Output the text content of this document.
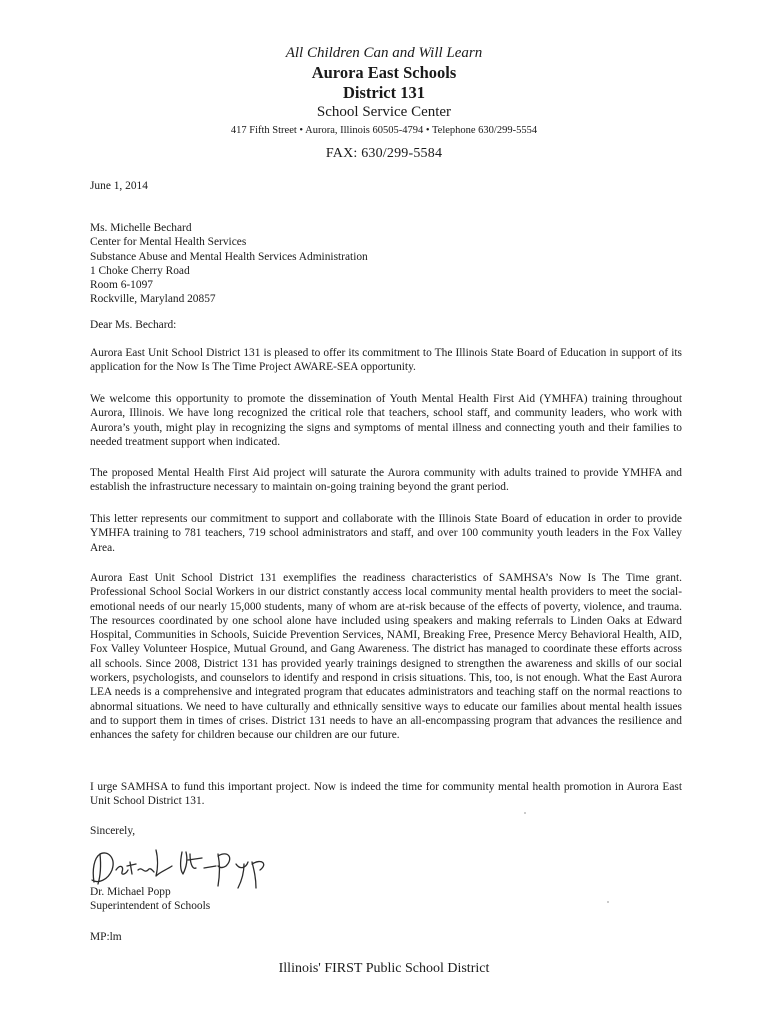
All Children Can and Will Learn
Aurora East Schools
District 131
School Service Center
417 Fifth Street • Aurora, Illinois 60505-4794 • Telephone 630/299-5554
FAX: 630/299-5584
June 1, 2014
Ms. Michelle Bechard
Center for Mental Health Services
Substance Abuse and Mental Health Services Administration
1 Choke Cherry Road
Room 6-1097
Rockville, Maryland 20857
Dear Ms. Bechard:

Aurora East Unit School District 131 is pleased to offer its commitment to The Illinois State Board of Education in support of its application for the Now Is The Time Project AWARE-SEA opportunity.

We welcome this opportunity to promote the dissemination of Youth Mental Health First Aid (YMHFA) training throughout Aurora, Illinois. We have long recognized the critical role that teachers, school staff, and community leaders, who work with Aurora’s youth, might play in recognizing the signs and symptoms of mental illness and connecting youth and their families to needed treatment support when indicated.

The proposed Mental Health First Aid project will saturate the Aurora community with adults trained to provide YMHFA and establish the infrastructure necessary to maintain on-going training beyond the grant period.

This letter represents our commitment to support and collaborate with the Illinois State Board of education in order to provide YMHFA training to 781 teachers, 719 school administrators and staff, and over 100 community youth leaders in the Fox Valley Area.

Aurora East Unit School District 131 exemplifies the readiness characteristics of SAMHSA’s Now Is The Time grant. Professional School Social Workers in our district constantly access local community mental health providers to meet the social-emotional needs of our nearly 15,000 students, many of whom are at-risk because of the effects of poverty, violence, and trauma. The resources coordinated by one school alone have included using speakers and making referrals to Linden Oaks at Edward Hospital, Communities in Schools, Suicide Prevention Services, NAMI, Breaking Free, Presence Mercy Behavioral Health, AID, Fox Valley Volunteer Hospice, Mutual Ground, and Gang Awareness. The district has managed to coordinate these efforts across all schools. Since 2008, District 131 has provided yearly trainings designed to strengthen the awareness and skills of our social workers, psychologists, and counselors to identify and respond in crisis situations. This, too, is not enough. What the East Aurora LEA needs is a comprehensive and integrated program that educates administrators and teaching staff on the normal reactions to abnormal situations. We need to have culturally and ethnically sensitive ways to educate our families about mental health issues and to support them in times of crises. District 131 needs to have an all-encompassing program that advances the resilience and enhances the safety for children because our children are our future.

I urge SAMHSA to fund this important project. Now is indeed the time for community mental health promotion in Aurora East Unit School District 131.

Sincerely,
Dr. Michael Popp
Superintendent of Schools
MP:lm
Illinois' FIRST Public School District
